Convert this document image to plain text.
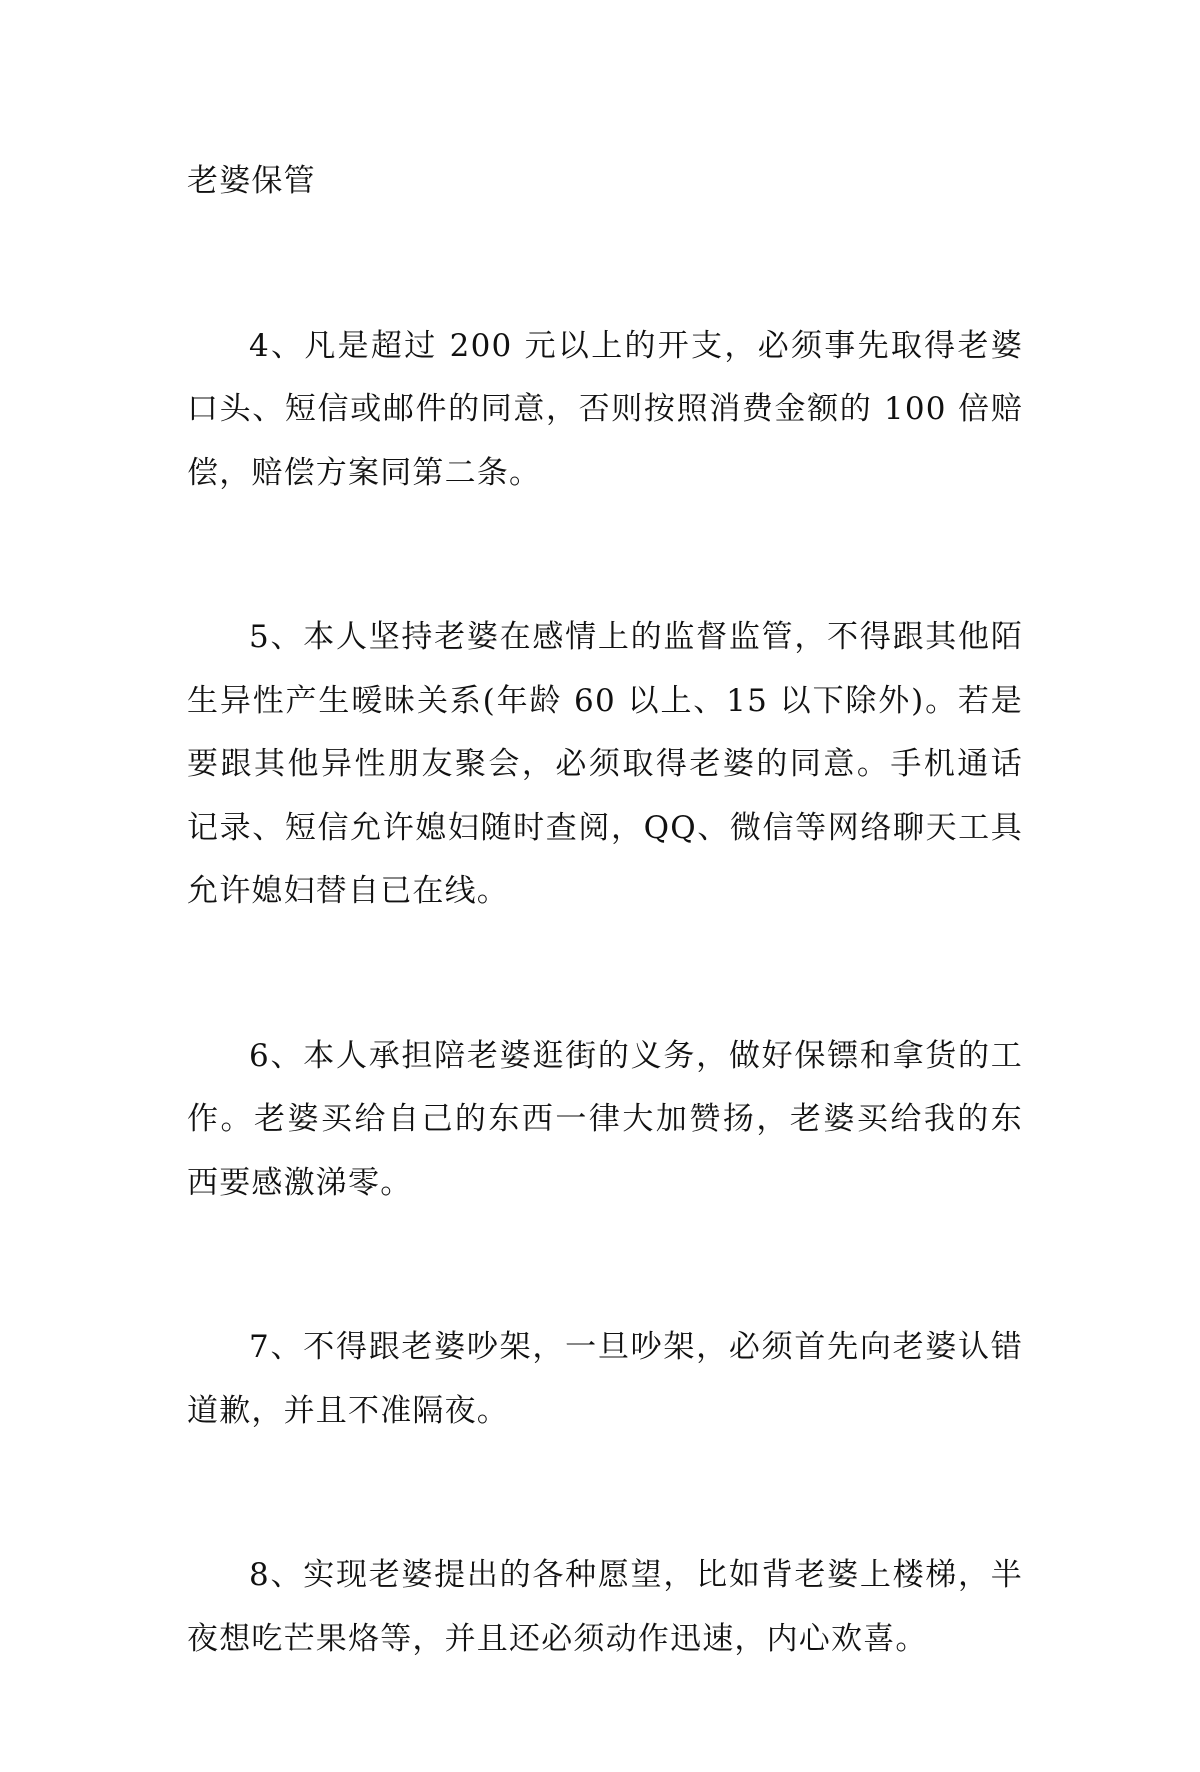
老婆保管

4、凡是超过 200 元以上的开支，必须事先取得老婆口头、短信或邮件的同意，否则按照消费金额的 100 倍赔偿，赔偿方案同第二条。

5、本人坚持老婆在感情上的监督监管，不得跟其他陌生异性产生暧昧关系(年龄 60 以上、15 以下除外)。若是要跟其他异性朋友聚会，必须取得老婆的同意。手机通话记录、短信允许媳妇随时查阅，QQ、微信等网络聊天工具允许媳妇替自已在线。

6、本人承担陪老婆逛街的义务，做好保镖和拿货的工作。老婆买给自己的东西一律大加赞扬，老婆买给我的东西要感激涕零。

7、不得跟老婆吵架，一旦吵架，必须首先向老婆认错道歉，并且不准隔夜。

8、实现老婆提出的各种愿望，比如背老婆上楼梯，半夜想吃芒果烙等，并且还必须动作迅速，内心欢喜。
